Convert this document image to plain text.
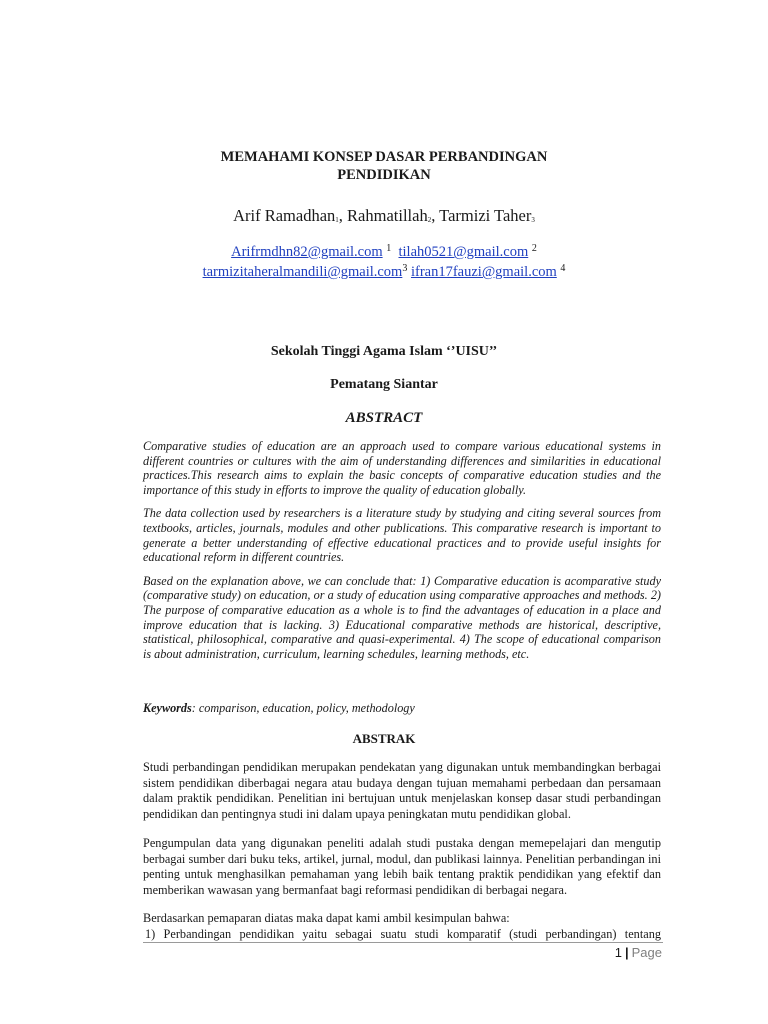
MEMAHAMI KONSEP DASAR PERBANDINGAN
PENDIDIKAN
Arif Ramadhan$^1$, Rahmatillah$^2$, Tarmizi Taher$^3$
Arifrmdhn82@gmail.com $^1$ tilah0521@gmail.com $^2$
tarmizitaheralmandili@gmail.com$^3$ ifran17fauzi@gmail.com $^4$
Sekolah Tinggi Agama Islam ‘’UISU’’
Pematang Siantar
ABSTRACT

Comparative studies of education are an approach used to compare various educational systems in different countries or cultures with the aim of understanding differences and similarities in educational practices.This research aims to explain the basic concepts of comparative education studies and the importance of this study in efforts to improve the quality of education globally.

The data collection used by researchers is a literature study by studying and citing several sources from textbooks, articles, journals, modules and other publications. This comparative research is important to generate a better understanding of effective educational practices and to provide useful insights for educational reform in different countries.

Based on the explanation above, we can conclude that: 1) Comparative education is acomparative study (comparative study) on education, or a study of education using comparative approaches and methods. 2) The purpose of comparative education as a whole is to find the advantages of education in a place and improve education that is lacking. 3) Educational comparative methods are historical, descriptive, statistical, philosophical, comparative and quasi-experimental. 4) The scope of educational comparison is about administration, curriculum, learning schedules, learning methods, etc.

Keywords: comparison, education, policy, methodology
ABSTRAK

Studi perbandingan pendidikan merupakan pendekatan yang digunakan untuk membandingkan berbagai sistem pendidikan diberbagai negara atau budaya dengan tujuan memahami perbedaan dan persamaan dalam praktik pendidikan. Penelitian ini bertujuan untuk menjelaskan konsep dasar studi perbandingan pendidikan dan pentingnya studi ini dalam upaya peningkatan mutu pendidikan global.

Pengumpulan data yang digunakan peneliti adalah studi pustaka dengan memepelajari dan mengutip berbagai sumber dari buku teks, artikel, jurnal, modul, dan publikasi lainnya. Penelitian perbandingan ini penting untuk menghasilkan pemahaman yang lebih baik tentang praktik pendidikan yang efektif dan memberikan wawasan yang bermanfaat bagi reformasi pendidikan di berbagai negara.

Berdasarkan pemaparan diatas maka dapat kami ambil kesimpulan bahwa:
1) Perbandingan pendidikan yaitu sebagai suatu studi komparatif (studi perbandingan) tentang
1 | Page
